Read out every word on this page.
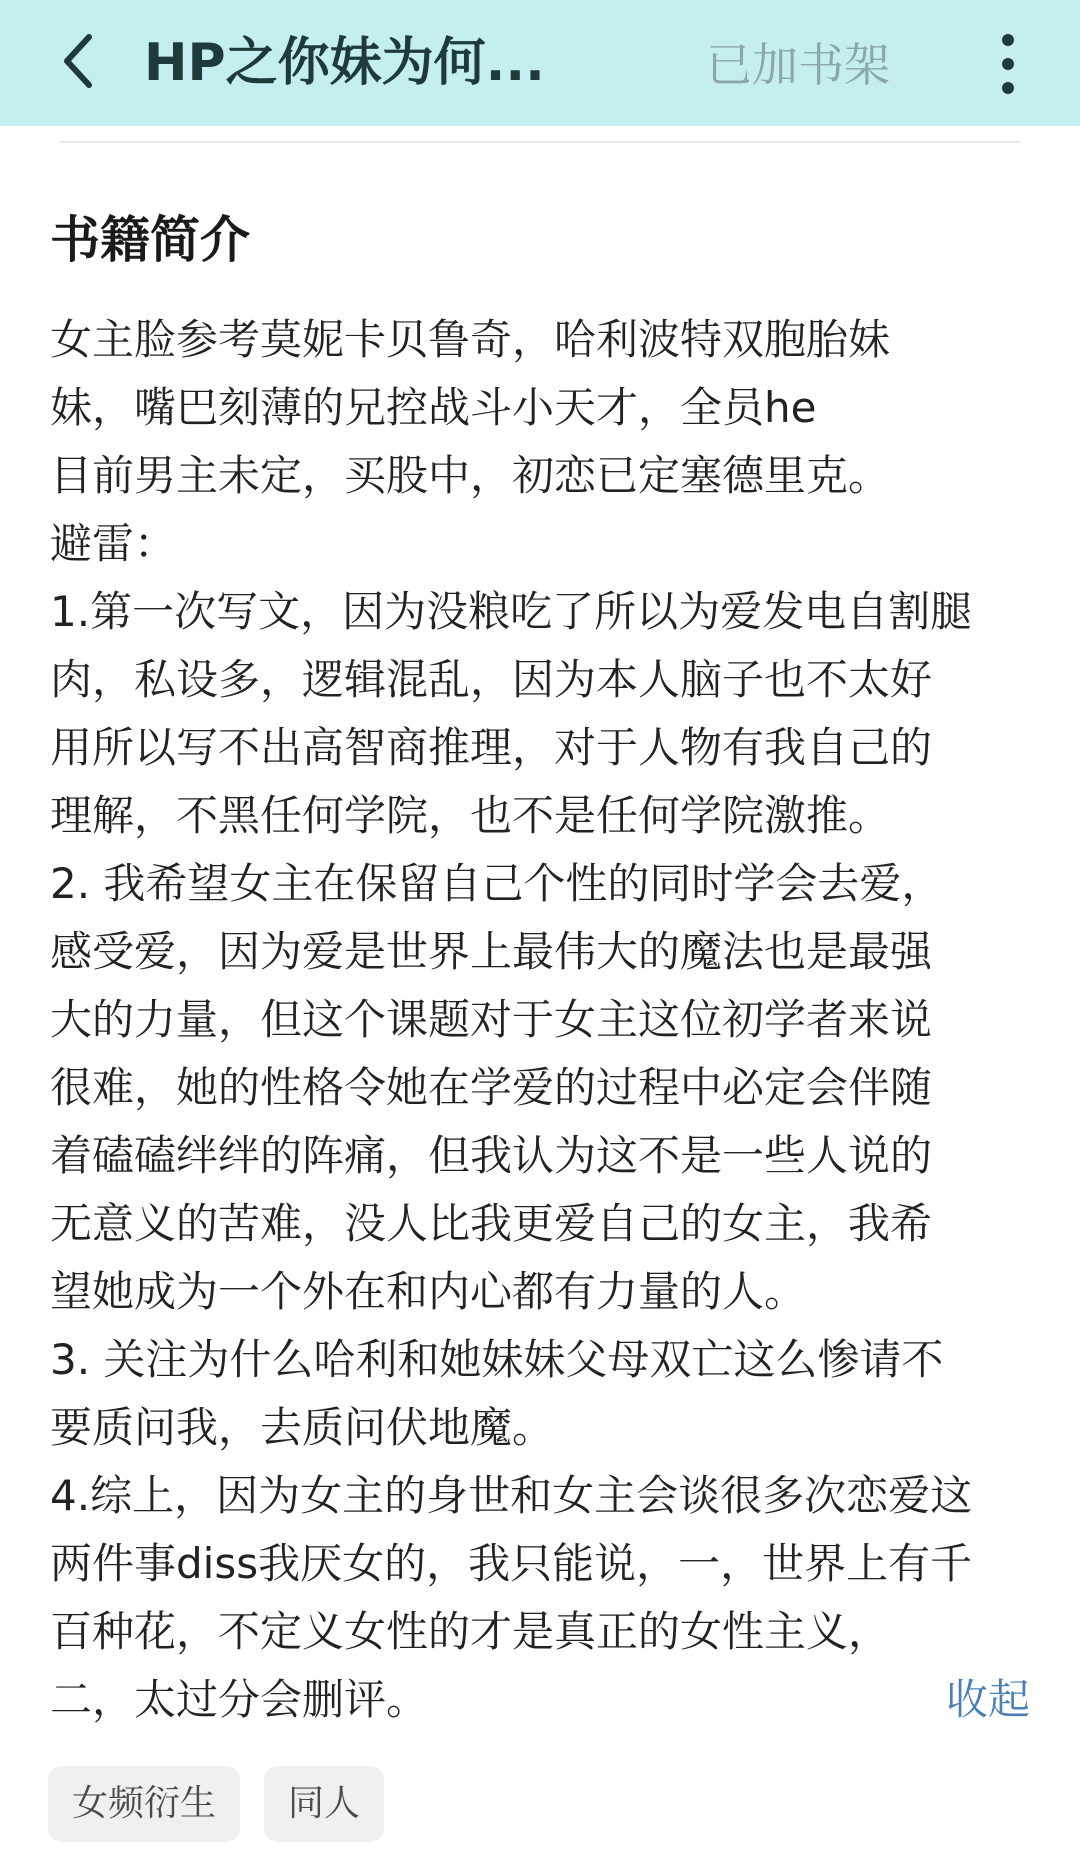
HP之你妹为何...	已加书架
书籍简介
女主脸参考莫妮卡贝鲁奇，哈利波特双胞胎妹
妹，嘴巴刻薄的兄控战斗小天才，全员he
目前男主未定，买股中，初恋已定塞德里克。
避雷：
1.第一次写文，因为没粮吃了所以为爱发电自割腿
肉，私设多，逻辑混乱，因为本人脑子也不太好
用所以写不出高智商推理，对于人物有我自己的
理解，不黑任何学院，也不是任何学院激推。
2. 我希望女主在保留自己个性的同时学会去爱，
感受爱，因为爱是世界上最伟大的魔法也是最强
大的力量，但这个课题对于女主这位初学者来说
很难，她的性格令她在学爱的过程中必定会伴随
着磕磕绊绊的阵痛，但我认为这不是一些人说的
无意义的苦难，没人比我更爱自己的女主，我希
望她成为一个外在和内心都有力量的人。
3. 关注为什么哈利和她妹妹父母双亡这么惨请不
要质问我，去质问伏地魔。
4.综上，因为女主的身世和女主会谈很多次恋爱这
两件事diss我厌女的，我只能说，一，世界上有千
百种花，不定义女性的才是真正的女性主义，
二，太过分会删评。	收起
女频衍生	同人
